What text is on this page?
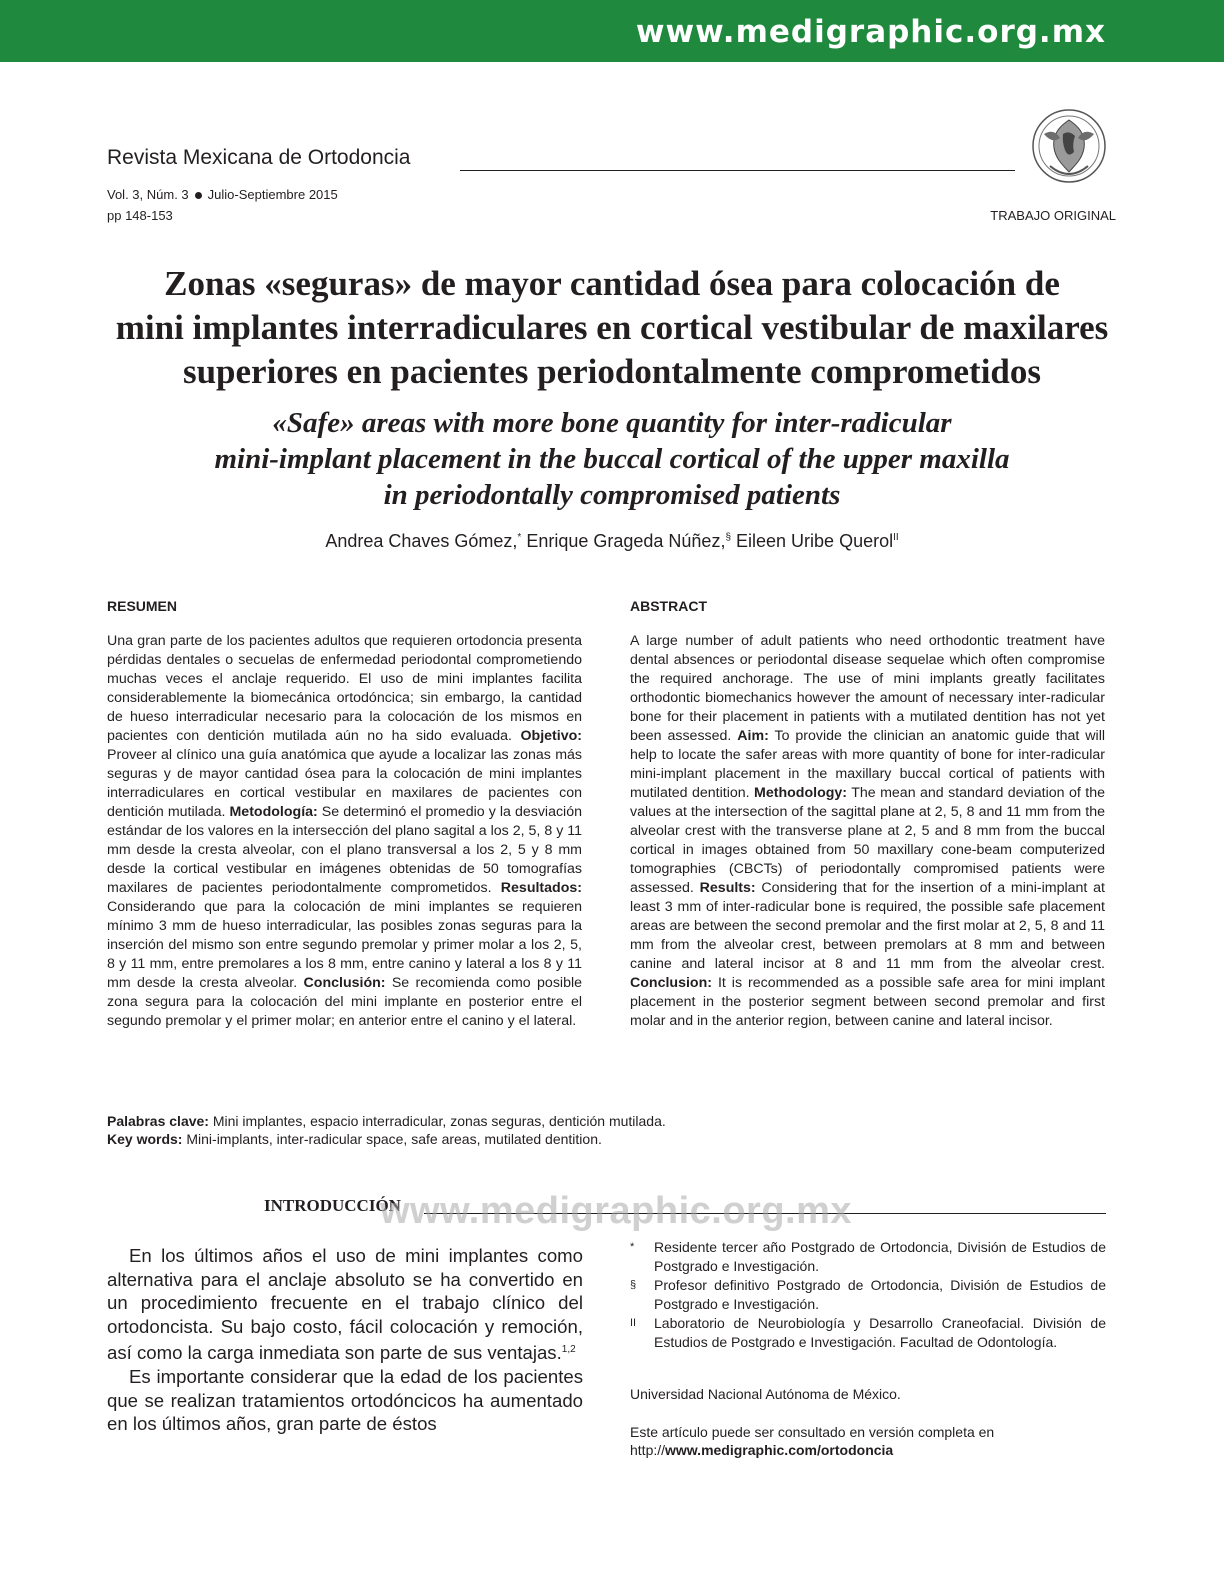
www.medigraphic.org.mx
Revista Mexicana de Ortodoncia
Vol. 3, Núm. 3 Julio-Septiembre 2015
pp 148-153	TRABAJO ORIGINAL
Zonas «seguras» de mayor cantidad ósea para colocación de
mini implantes interradiculares en cortical vestibular de maxilares
superiores en pacientes periodontalmente comprometidos
«Safe» areas with more bone quantity for inter-radicular
mini-implant placement in the buccal cortical of the upper maxilla
in periodontally compromised patients
Andrea Chaves Gómez,* Enrique Grageda Núñez,§ Eileen Uribe Querol$^{II}$
RESUMEN

Una gran parte de los pacientes adultos que requieren ortodoncia presenta pérdidas dentales o secuelas de enfermedad periodontal comprometiendo muchas veces el anclaje requerido. El uso de mini implantes facilita considerablemente la biomecánica ortodóncica; sin embargo, la cantidad de hueso interradicular necesario para la colocación de los mismos en pacientes con dentición mutilada aún no ha sido evaluada. Objetivo: Proveer al clínico una guía anatómica que ayude a localizar las zonas más seguras y de mayor cantidad ósea para la colocación de mini implantes interradiculares en cortical vestibular en maxilares de pacientes con dentición mutilada. Metodología: Se determinó el promedio y la desviación estándar de los valores en la intersección del plano sagital a los 2, 5, 8 y 11 mm desde la cresta alveolar, con el plano transversal a los 2, 5 y 8 mm desde la cortical vestibular en imágenes obtenidas de 50 tomografías maxilares de pacientes periodontalmente comprometidos. Resultados: Considerando que para la colocación de mini implantes se requieren mínimo 3 mm de hueso interradicular, las posibles zonas seguras para la inserción del mismo son entre segundo premolar y primer molar a los 2, 5, 8 y 11 mm, entre premolares a los 8 mm, entre canino y lateral a los 8 y 11 mm desde la cresta alveolar. Conclusión: Se recomienda como posible zona segura para la colocación del mini implante en posterior entre el segundo premolar y el primer molar; en anterior entre el canino y el lateral.

ABSTRACT

A large number of adult patients who need orthodontic treatment have dental absences or periodontal disease sequelae which often compromise the required anchorage. The use of mini implants greatly facilitates orthodontic biomechanics however the amount of necessary inter-radicular bone for their placement in patients with a mutilated dentition has not yet been assessed. Aim: To provide the clinician an anatomic guide that will help to locate the safer areas with more quantity of bone for inter-radicular mini-implant placement in the maxillary buccal cortical of patients with mutilated dentition. Methodology: The mean and standard deviation of the values at the intersection of the sagittal plane at 2, 5, 8 and 11 mm from the alveolar crest with the transverse plane at 2, 5 and 8 mm from the buccal cortical in images obtained from 50 maxillary cone-beam computerized tomographies (CBCTs) of periodontally compromised patients were assessed. Results: Considering that for the insertion of a mini-implant at least 3 mm of inter-radicular bone is required, the possible safe placement areas are between the second premolar and the first molar at 2, 5, 8 and 11 mm from the alveolar crest, between premolars at 8 mm and between canine and lateral incisor at 8 and 11 mm from the alveolar crest. Conclusion: It is recommended as a possible safe area for mini implant placement in the posterior segment between second premolar and first molar and in the anterior region, between canine and lateral incisor.

Palabras clave: Mini implantes, espacio interradicular, zonas seguras, dentición mutilada.
Key words: Mini-implants, inter-radicular space, safe areas, mutilated dentition.
INTRODUCCIÓN
www.medigraphic.org.mx

En los últimos años el uso de mini implantes como alternativa para el anclaje absoluto se ha convertido en un procedimiento frecuente en el trabajo clínico del ortodoncista. Su bajo costo, fácil colocación y remoción, así como la carga inmediata son parte de sus ventajas.$^{1,2}$

Es importante considerar que la edad de los pacientes que se realizan tratamientos ortodóncicos ha aumentado en los últimos años, gran parte de éstos

* Residente tercer año Postgrado de Ortodoncia, División de Estudios de Postgrado e Investigación.
§ Profesor definitivo Postgrado de Ortodoncia, División de Estudios de Postgrado e Investigación.
II Laboratorio de Neurobiología y Desarrollo Craneofacial. División de Estudios de Postgrado e Investigación. Facultad de Odontología.
Universidad Nacional Autónoma de México.
Este artículo puede ser consultado en versión completa en
http://www.medigraphic.com/ortodoncia
